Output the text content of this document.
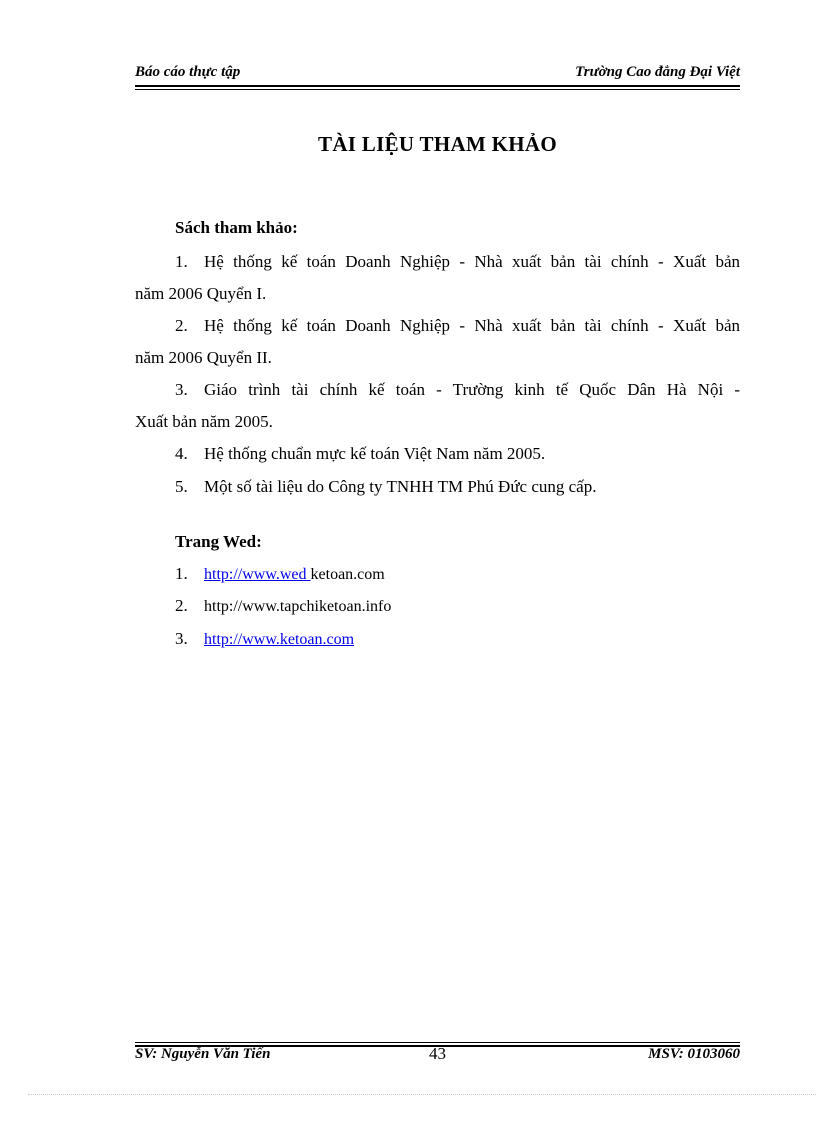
Báo cáo thực tập	Trường Cao đẳng Đại Việt
TÀI LIỆU THAM KHẢO
Sách tham khảo:
1. Hệ thống kế toán Doanh Nghiệp - Nhà xuất bản tài chính - Xuất bản
năm 2006 Quyển I.
2. Hệ thống kế toán Doanh Nghiệp - Nhà xuất bản tài chính - Xuất bản
năm 2006 Quyển II.
3. Giáo trình tài chính kế toán - Trường kinh tế Quốc Dân Hà Nội -
Xuất bản năm 2005.
4. Hệ thống chuẩn mực kế toán Việt Nam năm 2005.
5. Một số tài liệu do Công ty TNHH TM Phú Đức cung cấp.
Trang Wed:
1. http://www.wed ketoan.com
2. http://www.tapchiketoan.info
3. http://www.ketoan.com
SV: Nguyễn Văn Tiến	43	MSV: 0103060
